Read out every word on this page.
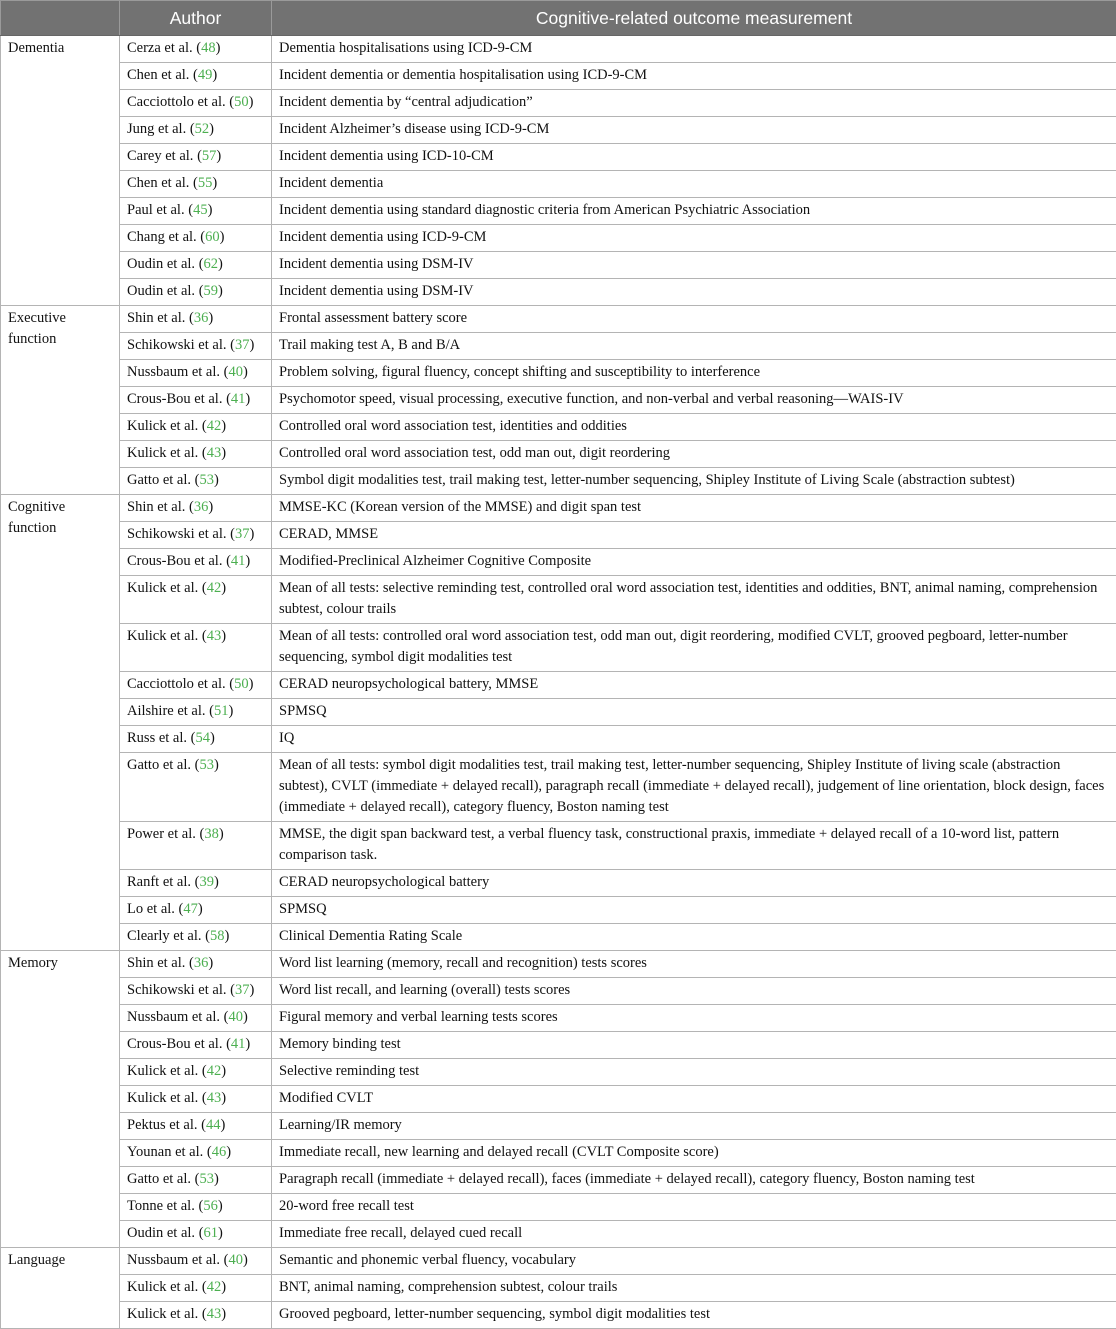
	Author	Cognitive-related outcome measurement
Dementia	Cerza et al. (48)	Dementia hospitalisations using ICD-9-CM
	Chen et al. (49)	Incident dementia or dementia hospitalisation using ICD-9-CM
	Cacciottolo et al. (50)	Incident dementia by “central adjudication”
	Jung et al. (52)	Incident Alzheimer’s disease using ICD-9-CM
	Carey et al. (57)	Incident dementia using ICD-10-CM
	Chen et al. (55)	Incident dementia
	Paul et al. (45)	Incident dementia using standard diagnostic criteria from American Psychiatric Association
	Chang et al. (60)	Incident dementia using ICD-9-CM
	Oudin et al. (62)	Incident dementia using DSM-IV
	Oudin et al. (59)	Incident dementia using DSM-IV
Executive function	Shin et al. (36)	Frontal assessment battery score
	Schikowski et al. (37)	Trail making test A, B and B/A
	Nussbaum et al. (40)	Problem solving, figural fluency, concept shifting and susceptibility to interference
	Crous-Bou et al. (41)	Psychomotor speed, visual processing, executive function, and non-verbal and verbal reasoning—WAIS-IV
	Kulick et al. (42)	Controlled oral word association test, identities and oddities
	Kulick et al. (43)	Controlled oral word association test, odd man out, digit reordering
	Gatto et al. (53)	Symbol digit modalities test, trail making test, letter-number sequencing, Shipley Institute of Living Scale (abstraction subtest)
Cognitive function	Shin et al. (36)	MMSE-KC (Korean version of the MMSE) and digit span test
	Schikowski et al. (37)	CERAD, MMSE
	Crous-Bou et al. (41)	Modified-Preclinical Alzheimer Cognitive Composite
	Kulick et al. (42)	Mean of all tests: selective reminding test, controlled oral word association test, identities and oddities, BNT, animal naming, comprehension subtest, colour trails
	Kulick et al. (43)	Mean of all tests: controlled oral word association test, odd man out, digit reordering, modified CVLT, grooved pegboard, letter-number sequencing, symbol digit modalities test
	Cacciottolo et al. (50)	CERAD neuropsychological battery, MMSE
	Ailshire et al. (51)	SPMSQ
	Russ et al. (54)	IQ
	Gatto et al. (53)	Mean of all tests: symbol digit modalities test, trail making test, letter-number sequencing, Shipley Institute of living scale (abstraction subtest), CVLT (immediate + delayed recall), paragraph recall (immediate + delayed recall), judgement of line orientation, block design, faces (immediate + delayed recall), category fluency, Boston naming test
	Power et al. (38)	MMSE, the digit span backward test, a verbal fluency task, constructional praxis, immediate + delayed recall of a 10-word list, pattern comparison task.
	Ranft et al. (39)	CERAD neuropsychological battery
	Lo et al. (47)	SPMSQ
	Clearly et al. (58)	Clinical Dementia Rating Scale
Memory	Shin et al. (36)	Word list learning (memory, recall and recognition) tests scores
	Schikowski et al. (37)	Word list recall, and learning (overall) tests scores
	Nussbaum et al. (40)	Figural memory and verbal learning tests scores
	Crous-Bou et al. (41)	Memory binding test
	Kulick et al. (42)	Selective reminding test
	Kulick et al. (43)	Modified CVLT
	Pektus et al. (44)	Learning/IR memory
	Younan et al. (46)	Immediate recall, new learning and delayed recall (CVLT Composite score)
	Gatto et al. (53)	Paragraph recall (immediate + delayed recall), faces (immediate + delayed recall), category fluency, Boston naming test
	Tonne et al. (56)	20-word free recall test
	Oudin et al. (61)	Immediate free recall, delayed cued recall
Language	Nussbaum et al. (40)	Semantic and phonemic verbal fluency, vocabulary
	Kulick et al. (42)	BNT, animal naming, comprehension subtest, colour trails
	Kulick et al. (43)	Grooved pegboard, letter-number sequencing, symbol digit modalities test
